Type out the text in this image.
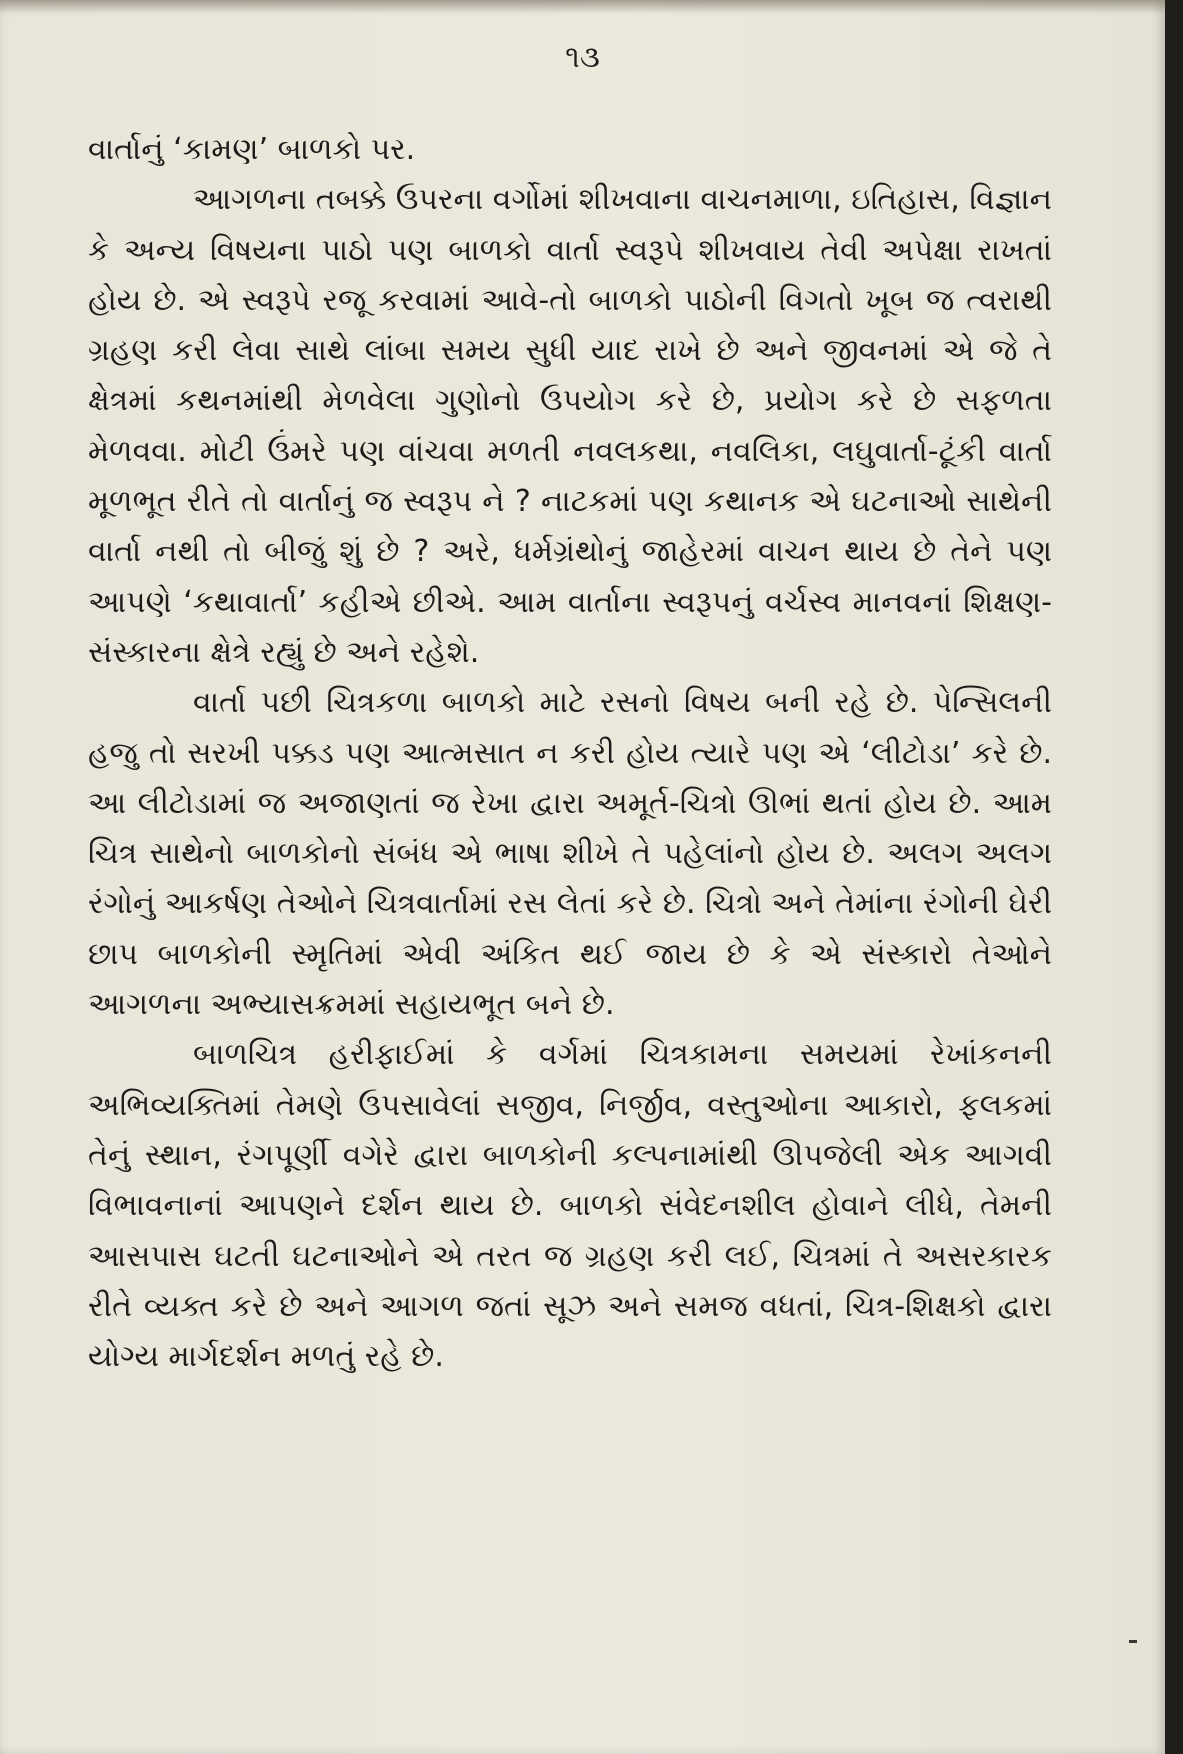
૧૩

વાર્તાનું ‘કામણ’ બાળકો પર.

આગળના તબક્કે ઉપરના વર્ગોમાં શીખવાના વાચનમાળા, ઇતિહાસ, વિજ્ઞાન કે અન્ય વિષયના પાઠો પણ બાળકો વાર્તા સ્વરૂપે શીખવાય તેવી અપેક્ષા રાખતાં હોય છે. એ સ્વરૂપે રજૂ કરવામાં આવે-તો બાળકો પાઠોની વિગતો ખૂબ જ ત્વરાથી ગ્રહણ કરી લેવા સાથે લાંબા સમય સુધી યાદ રાખે છે અને જીવનમાં એ જે તે ક્ષેત્રમાં કથનમાંથી મેળવેલા ગુણોનો ઉપયોગ કરે છે, પ્રયોગ કરે છે સફળતા મેળવવા. મોટી ઉંમરે પણ વાંચવા મળતી નવલકથા, નવલિકા, લઘુવાર્તા-ટૂંકી વાર્તા મૂળભૂત રીતે તો વાર્તાનું જ સ્વરૂપ ને ? નાટકમાં પણ કથાનક એ ઘટનાઓ સાથેની વાર્તા નથી તો બીજું શું છે ? અરે, ધર્મગ્રંથોનું જાહેરમાં વાચન થાય છે તેને પણ આપણે ‘કથાવાર્તા’ કહીએ છીએ. આમ વાર્તાના સ્વરૂપનું વર્ચસ્વ માનવનાં શિક્ષણ-સંસ્કારના ક્ષેત્રે રહ્યું છે અને રહેશે.

વાર્તા પછી ચિત્રકળા બાળકો માટે રસનો વિષય બની રહે છે. પેન્સિલની હજુ તો સરખી પક્કડ પણ આત્મસાત ન કરી હોય ત્યારે પણ એ ‘લીટોડા’ કરે છે. આ લીટોડામાં જ અજાણતાં જ રેખા દ્વારા અમૂર્ત-ચિત્રો ઊભાં થતાં હોય છે. આમ ચિત્ર સાથેનો બાળકોનો સંબંધ એ ભાષા શીખે તે પહેલાંનો હોય છે. અલગ અલગ રંગોનું આકર્ષણ તેઓને ચિત્રવાર્તામાં રસ લેતાં કરે છે. ચિત્રો અને તેમાંના રંગોની ઘેરી છાપ બાળકોની સ્મૃતિમાં એવી અંકિત થઈ જાય છે કે એ સંસ્કારો તેઓને આગળના અભ્યાસક્રમમાં સહાયભૂત બને છે.

બાળચિત્ર હરીફાઈમાં કે વર્ગમાં ચિત્રકામના સમયમાં રેખાંકનની અભિવ્યક્તિમાં તેમણે ઉપસાવેલાં સજીવ, નિર્જીવ, વસ્તુઓના આકારો, ફલકમાં તેનું સ્થાન, રંગપૂર્ણી વગેરે દ્વારા બાળકોની કલ્પનામાંથી ઊપજેલી એક આગવી વિભાવનાનાં આપણને દર્શન થાય છે. બાળકો સંવેદનશીલ હોવાને લીધે, તેમની આસપાસ ઘટતી ઘટનાઓને એ તરત જ ગ્રહણ કરી લઈ, ચિત્રમાં તે અસરકારક રીતે વ્યક્ત કરે છે અને આગળ જતાં સૂઝ અને સમજ વધતાં, ચિત્ર-શિક્ષકો દ્વારા યોગ્ય માર્ગદર્શન મળતું રહે છે.
